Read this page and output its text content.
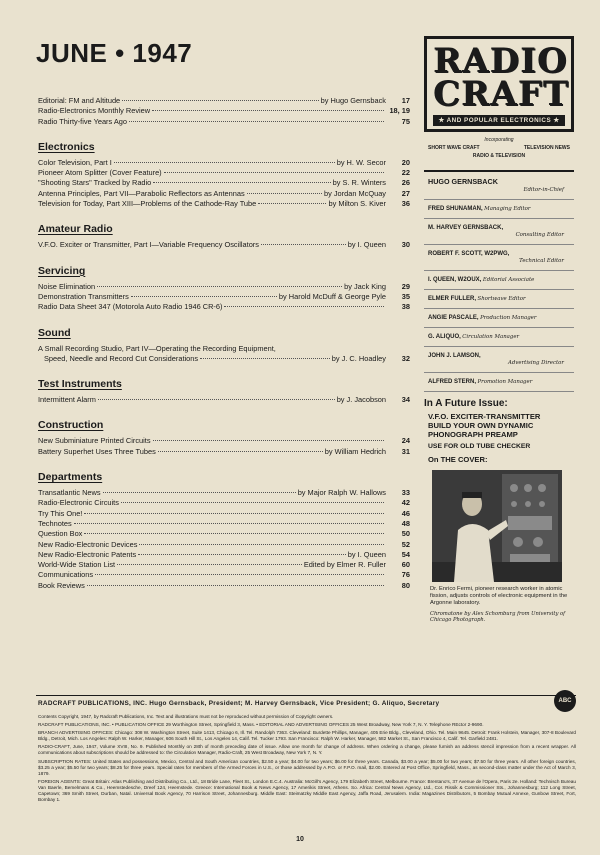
JUNE • 1947
Editorial: FM and Altitude	by Hugo Gernsback	17
Radio-Electronics Monthly Review	18, 19
Radio Thirty-five Years Ago	75
Electronics
Color Television, Part I	by H. W. Secor	20
Pioneer Atom Splitter (Cover Feature)	22
"Shooting Stars" Tracked by Radio	by S. R. Winters	26
Antenna Principles, Part VII—Parabolic Reflectors as Antennas	by Jordan McQuay	27
Television for Today, Part XIII—Problems of the Cathode-Ray Tube	by Milton S. Kiver	36
Amateur Radio
V.F.O. Exciter or Transmitter, Part I—Variable Frequency Oscillators	by I. Queen	30
Servicing
Noise Elimination	by Jack King	29
Demonstration Transmitters	by Harold McDuff & George Pyle	35
Radio Data Sheet 347 (Motorola Auto Radio 1946 CR-6)	38
Sound
A Small Recording Studio, Part IV—Operating the Recording Equipment,
Speed, Needle and Record Cut Considerations	by J. C. Hoadley	32
Test Instruments
Intermittent Alarm	by J. Jacobson	34
Construction
New Subminiature Printed Circuits	24
Battery Superhet Uses Three Tubes	by William Hedrich	31
Departments
Transatlantic News	by Major Ralph W. Hallows	33
Radio-Electronic Circuits	42
Try This One!	46
Technotes	48
Question Box	50
New Radio-Electronic Devices	52
New Radio-Electronic Patents	by I. Queen	54
World-Wide Station List	Edited by Elmer R. Fuller	60
Communications	76
Book Reviews	80
RADIO
CRAFT
★ AND POPULAR ELECTRONICS ★
Incorporating
SHORT WAVE CRAFT	TELEVISION NEWS
RADIO & TELEVISION
HUGO GERNSBACK
Editor-in-Chief
FRED SHUNAMAN, Managing Editor
M. HARVEY GERNSBACK,
Consulting Editor
ROBERT F. SCOTT, W2PWG,
Technical Editor
I. QUEEN, W2OUX, Editorial Associate
ELMER FULLER, Shortwave Editor
ANGIE PASCALE, Production Manager
G. ALIQUO, Circulation Manager
JOHN J. LAMSON,
Advertising Director
ALFRED STERN, Promotion Manager
In A Future Issue:
V.F.O. EXCITER-TRANSMITTER
BUILD YOUR OWN DYNAMIC
PHONOGRAPH PREAMP
USE FOR OLD TUBE CHECKER
On THE COVER:
Dr. Enrico Fermi, pioneer research worker in atomic fission, adjusts controls of electronic equipment in the Argonne laboratory.
Chromatone by Alex Schomburg from University of Chicago Photograph.
RADCRAFT PUBLICATIONS, INC. Hugo Gernsback, President; M. Harvey Gernsback, Vice President; G. Aliquo, Secretary	ABC

Contents Copyright, 1947, by Radcraft Publications, Inc. Text and illustrations must not be reproduced without permission of Copyright owners.

RADCRAFT PUBLICATIONS, INC. • PUBLICATION OFFICE 29 Worthington Street, Springfield 3, Mass. • EDITORIAL AND ADVERTISING OFFICES 25 West Broadway, New York 7, N. Y. Telephone REctor 2-9690.

BRANCH ADVERTISING OFFICES: Chicago: 308 W. Washington Street, Suite 1413, Chicago 6, Ill. Tel. Randolph 7363. Cleveland: Burdette Phillips, Manager, 405 Erie Bldg., Cleveland, Ohio. Tel. Main 9645. Detroit: Frank Holstein, Manager, 307-8 Boulevard Bldg., Detroit, Mich. Los Angeles: Ralph W. Harker, Manager, 606 South Hill St., Los Angeles 14, Calif. Tel. Tucker 1793. San Francisco: Ralph W. Harker, Manager, 582 Market St., San Francisco 4, Calif. Tel. Garfield 2481.

RADIO-CRAFT, June, 1947, Volume XVIII, No. 9. Published Monthly on 28th of month preceding date of issue. Allow one month for change of address. When ordering a change, please furnish an address stencil impression from a recent wrapper. All communications about subscriptions should be addressed to: the Circulation Manager, Radio-Craft, 25 West Broadway, New York 7, N. Y.

SUBSCRIPTION RATES: United States and possessions, Mexico, Central and South American countries, $2.50 a year; $4.00 for two years; $6.00 for three years. Canada, $3.00 a year; $5.00 for two years; $7.50 for three years. All other foreign countries, $3.25 a year; $5.50 for two years; $8.25 for three years. Special rates for members of the Armed Forces in U.S., or those addressed by A.P.O. or F.P.O. mail, $2.00. Entered at Post Office, Springfield, Mass., as second-class matter under the Act of March 3, 1879.

FOREIGN AGENTS: Great Britain: Atlas Publishing and Distributing Co., Ltd., 18 Bride Lane, Fleet St., London E.C.4. Australia: McGill's Agency, 179 Elizabeth Street, Melbourne. France: Brentano's, 37 Avenue de l'Opera, Paris 2e. Holland: Technisch Bureau Van Baerle, Bemelmans & Co., Heemstedesche, Dreef 124, Heemstede. Greece: International Book & News Agency, 17 Amerikis Street, Athens. So. Africa: Central News Agency, Ltd., Cor. Rissik & Commissioner Sts., Johannesburg; 112 Long Street, Capetown; 369 Smith Street, Durban, Natal. Universal Book Agency, 70 Harrison Street, Johannesburg. Middle East: Steimatzky Middle East Agency, Jaffa Road, Jerusalem. India: Magazines Distributors, 5 Bombay Mutual Annexe, Gunbow Street, Fort, Bombay 1.

10
